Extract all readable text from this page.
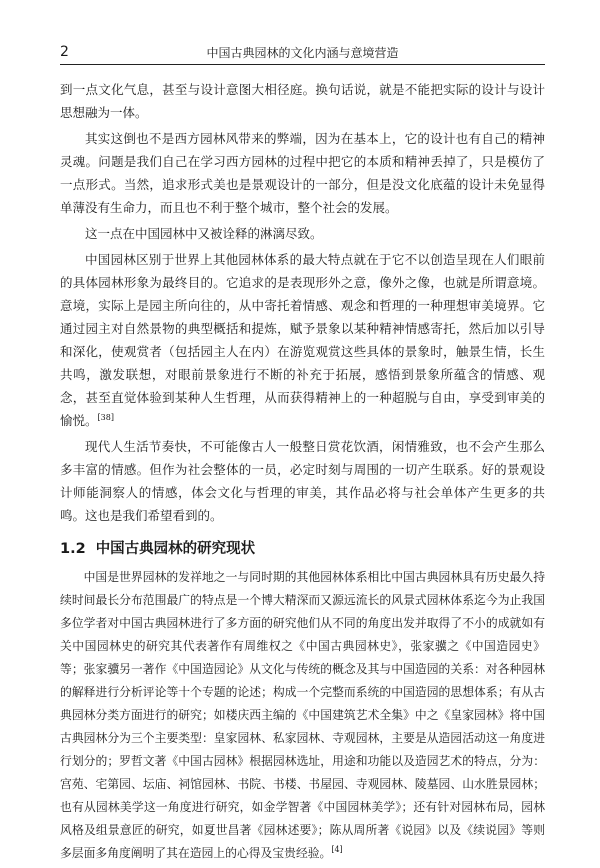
2	中国古典园林的文化内涵与意境营造

到一点文化气息，甚至与设计意图大相径庭。换句话说，就是不能把实际的设计与设计思想融为一体。

其实这倒也不是西方园林风带来的弊端，因为在基本上，它的设计也有自己的精神灵魂。问题是我们自己在学习西方园林的过程中把它的本质和精神丢掉了，只是模仿了一点形式。当然，追求形式美也是景观设计的一部分，但是没文化底蕴的设计未免显得单薄没有生命力，而且也不利于整个城市，整个社会的发展。

这一点在中国园林中又被诠释的淋漓尽致。

中国园林区别于世界上其他园林体系的最大特点就在于它不以创造呈现在人们眼前的具体园林形象为最终目的。它追求的是表现形外之意，像外之像，也就是所谓意境。意境，实际上是园主所向往的，从中寄托着情感、观念和哲理的一种理想审美境界。它通过园主对自然景物的典型概括和提炼，赋予景象以某种精神情感寄托，然后加以引导和深化，使观赏者（包括园主人在内）在游览观赏这些具体的景象时，触景生情，长生共鸣，激发联想，对眼前景象进行不断的补充于拓展，感悟到景象所蕴含的情感、观念，甚至直觉体验到某种人生哲理，从而获得精神上的一种超脱与自由，享受到审美的愉悦。[38]

现代人生活节奏快，不可能像古人一般整日赏花饮酒，闲情雅致，也不会产生那么多丰富的情感。但作为社会整体的一员，必定时刻与周围的一切产生联系。好的景观设计师能洞察人的情感，体会文化与哲理的审美，其作品必将与社会单体产生更多的共鸣。这也是我们希望看到的。

1.2 中国古典园林的研究现状

中国是世界园林的发祥地之一与同时期的其他园林体系相比中国古典园林具有历史最久持续时间最长分布范围最广的特点是一个博大精深而又源远流长的风景式园林体系迄今为止我国多位学者对中国古典园林进行了多方面的研究他们从不同的角度出发并取得了不小的成就如有关中国园林史的研究其代表著作有周维权之《中国古典园林史》，张家骥之《中国造园史》等；张家骥另一著作《中国造园论》从文化与传统的概念及其与中国造园的关系：对各种园林的解释进行分析评论等十个专题的论述；构成一个完整而系统的中国造园的思想体系；有从古典园林分类方面进行的研究；如楼庆西主编的《中国建筑艺术全集》中之《皇家园林》将中国古典园林分为三个主要类型：皇家园林、私家园林、寺观园林，主要是从造园活动这一角度进行划分的；罗哲文著《中国古园林》根据园林选址，用途和功能以及造园艺术的特点，分为：宫苑、宅第园、坛庙、祠馆园林、书院、书楼、书屋园、寺观园林、陵墓园、山水胜景园林；也有从园林美学这一角度进行研究，如金学智著《中国园林美学》；还有针对园林布局，园林风格及组景意匠的研究，如夏世昌著《园林述要》；陈从周所著《说园》以及《续说园》等则多层面多角度阐明了其在造园上的心得及宝贵经验。[4]
